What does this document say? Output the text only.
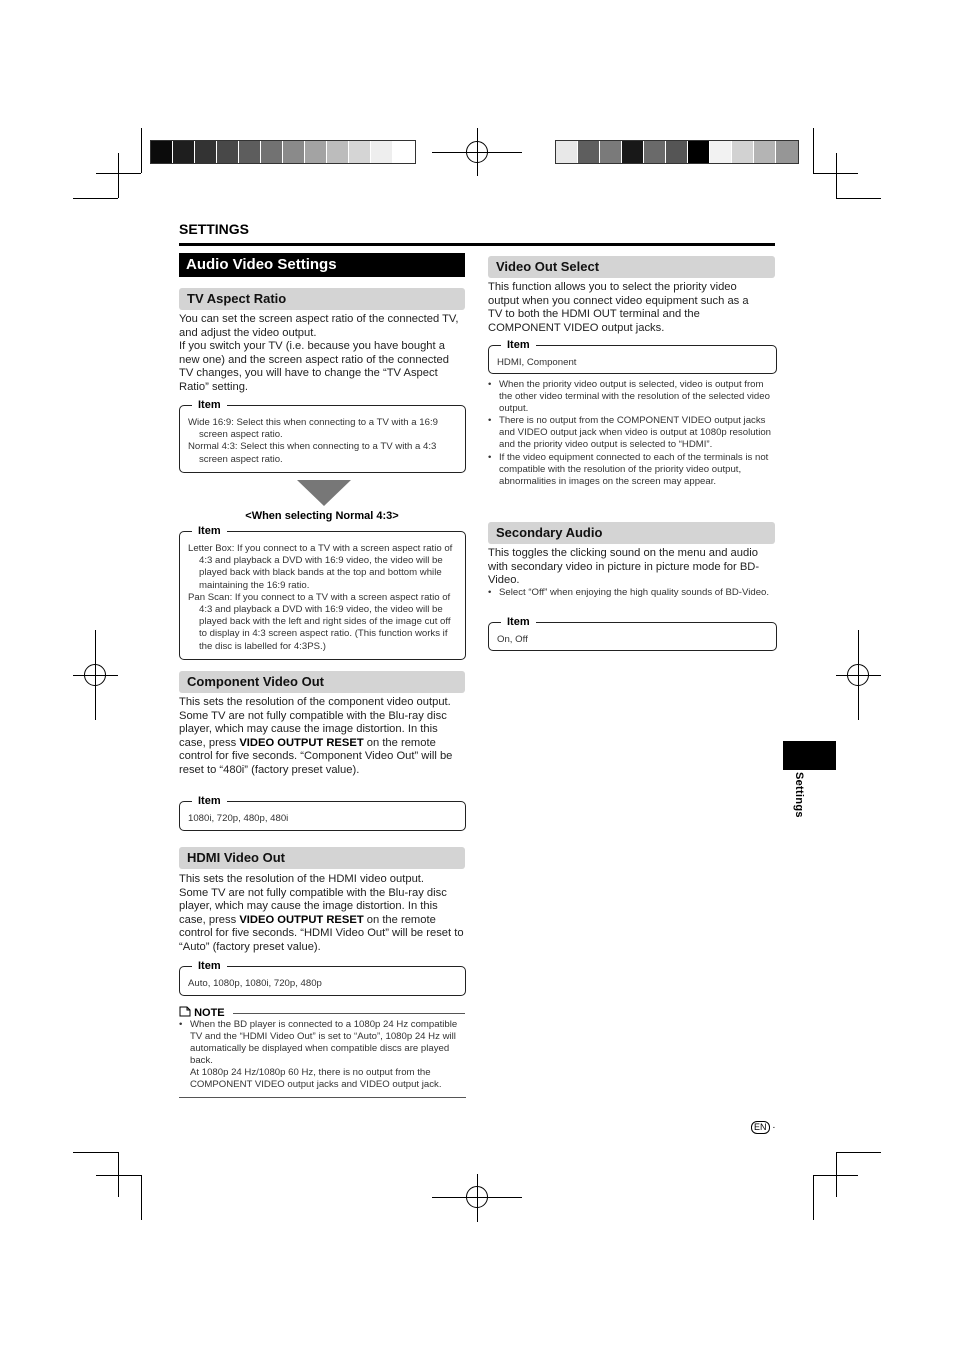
SETTINGS
Audio Video Settings
TV Aspect Ratio

You can set the screen aspect ratio of the connected TV, and adjust the video output.

If you switch your TV (i.e. because you have bought a new one) and the screen aspect ratio of the connected TV changes, you will have to change the “TV Aspect Ratio” setting.

Item
Wide 16:9: Select this when connecting to a TV with a 16:9 screen aspect ratio.
Normal 4:3: Select this when connecting to a TV with a 4:3 screen aspect ratio.
<When selecting Normal 4:3>
Item
Letter Box: If you connect to a TV with a screen aspect ratio of 4:3 and playback a DVD with 16:9 video, the video will be played back with black bands at the top and bottom while maintaining the 16:9 ratio.
Pan Scan: If you connect to a TV with a screen aspect ratio of 4:3 and playback a DVD with 16:9 video, the video will be played back with the left and right sides of the image cut off to display in 4:3 screen aspect ratio. (This function works if the disc is labelled for 4:3PS.)
Component Video Out

This sets the resolution of the component video output.

Some TV are not fully compatible with the Blu-ray disc player, which may cause the image distortion. In this case, press VIDEO OUTPUT RESET on the remote control for five seconds. “Component Video Out” will be reset to “480i” (factory preset value).

Item
1080i, 720p, 480p, 480i
HDMI Video Out

This sets the resolution of the HDMI video output.

Some TV are not fully compatible with the Blu-ray disc player, which may cause the image distortion. In this case, press VIDEO OUTPUT RESET on the remote control for five seconds. “HDMI Video Out” will be reset to “Auto” (factory preset value).

Item
Auto, 1080p, 1080i, 720p, 480p
NOTE
• When the BD player is connected to a 1080p 24 Hz compatible TV and the “HDMI Video Out” is set to “Auto”, 1080p 24 Hz will automatically be displayed when compatible discs are played back.
At 1080p 24 Hz/1080p 60 Hz, there is no output from the COMPONENT VIDEO output jacks and VIDEO output jack.
Video Out Select
This function allows you to select the priority video output when you connect video equipment such as a TV to both the HDMI OUT terminal and the COMPONENT VIDEO output jacks.
Item
HDMI, Component
• When the priority video output is selected, video is output from the other video terminal with the resolution of the selected video output.
• There is no output from the COMPONENT VIDEO output jacks and VIDEO output jack when video is output at 1080p resolution and the priority video output is selected to “HDMI”.
• If the video equipment connected to each of the terminals is not compatible with the resolution of the priority video output, abnormalities in images on the screen may appear.
Secondary Audio
This toggles the clicking sound on the menu and audio with secondary video in picture in picture mode for BD-Video.
• Select “Off” when enjoying the high quality sounds of BD-Video.
Item
On, Off
Settings
EN ·
